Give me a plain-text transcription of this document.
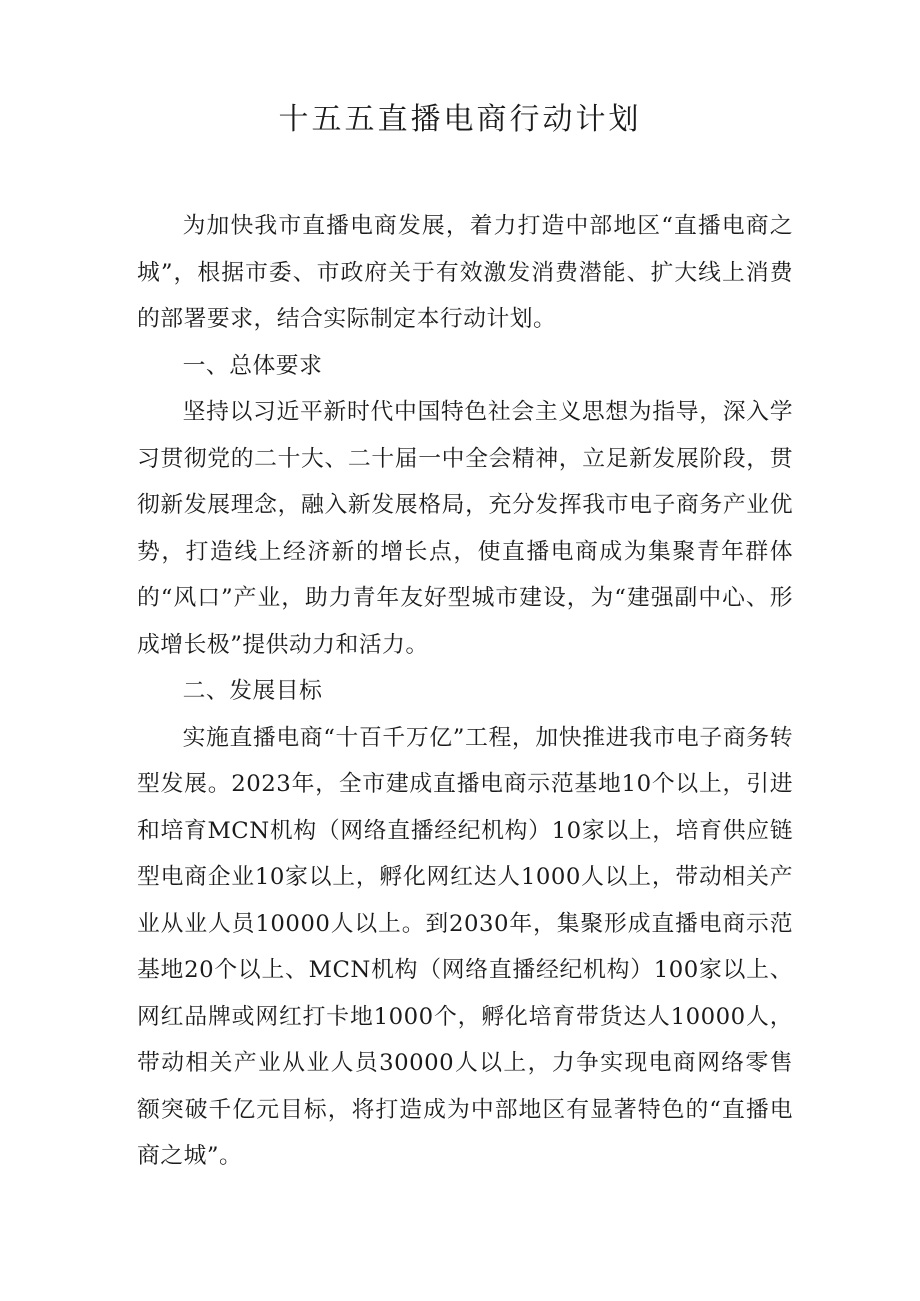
十五五直播电商行动计划

为加快我市直播电商发展，着力打造中部地区“直播电商之城”，根据市委、市政府关于有效激发消费潜能、扩大线上消费的部署要求，结合实际制定本行动计划。

一、总体要求

坚持以习近平新时代中国特色社会主义思想为指导，深入学习贯彻党的二十大、二十届一中全会精神，立足新发展阶段，贯彻新发展理念，融入新发展格局，充分发挥我市电子商务产业优势，打造线上经济新的增长点，使直播电商成为集聚青年群体的“风口”产业，助力青年友好型城市建设，为“建强副中心、形成增长极”提供动力和活力。

二、发展目标

实施直播电商“十百千万亿”工程，加快推进我市电子商务转型发展。2023年，全市建成直播电商示范基地10个以上，引进和培育MCN机构（网络直播经纪机构）10家以上，培育供应链型电商企业10家以上，孵化网红达人1000人以上，带动相关产业从业人员10000人以上。到2030年，集聚形成直播电商示范基地20个以上、MCN机构（网络直播经纪机构）100家以上、网红品牌或网红打卡地1000个，孵化培育带货达人10000人，带动相关产业从业人员30000人以上，力争实现电商网络零售额突破千亿元目标，将打造成为中部地区有显著特色的“直播电商之城”。
